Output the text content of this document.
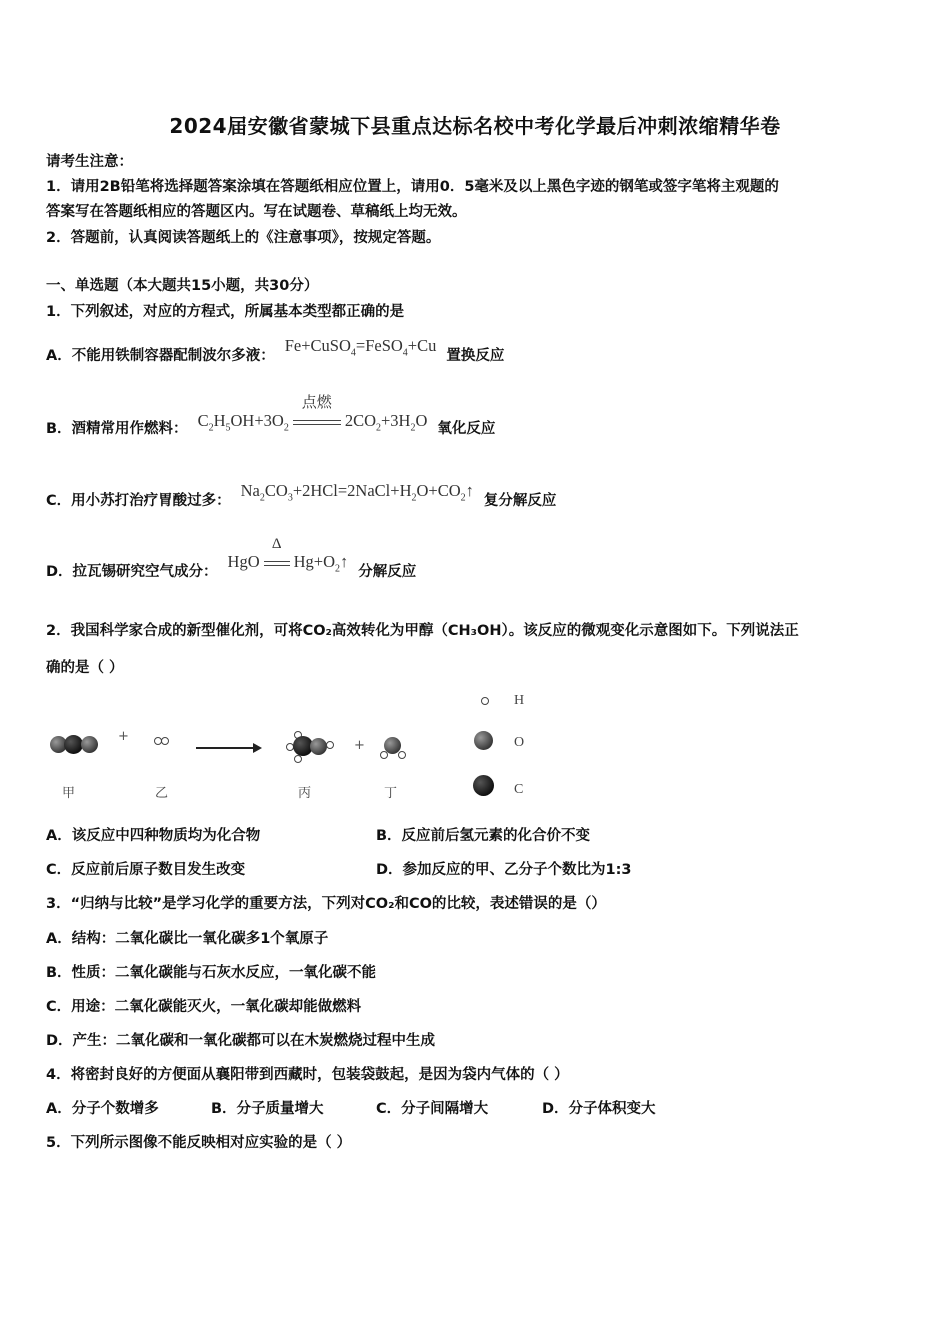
2024届安徽省蒙城下县重点达标名校中考化学最后冲刺浓缩精华卷
请考生注意：
1．请用2B铅笔将选择题答案涂填在答题纸相应位置上，请用0．5毫米及以上黑色字迹的钢笔或签字笔将主观题的
答案写在答题纸相应的答题区内。写在试题卷、草稿纸上均无效。
2．答题前，认真阅读答题纸上的《注意事项》，按规定答题。
一、单选题（本大题共15小题，共30分）
1．下列叙述，对应的方程式，所属基本类型都正确的是
A．不能用铁制容器配制波尔多液：Fe+CuSO$_4$=FeSO$_4$+Cu置换反应
B．酒精常用作燃料： $C_2H_5OH+3O_2$
点燃
$2CO_2+3H_2O$ 氧化反应
C．用小苏打治疗胃酸过多：$Na_2CO_3+2HCl=2NaCl+H_2O+CO_2↑$复分解反应
D．拉瓦锡研究空气成分：HgO
Δ
$Hg+O_2↑$分解反应
2．我国科学家合成的新型催化剂，可将CO₂高效转化为甲醇（CH₃OH）。该反应的微观变化示意图如下。下列说法正
确的是（ ）
+
+
甲	乙	丙	丁
H
O
C
A．该反应中四种物质均为化合物	B．反应前后氢元素的化合价不变
C．反应前后原子数目发生改变	D．参加反应的甲、乙分子个数比为1:3
3．“归纳与比较”是学习化学的重要方法，下列对CO₂和CO的比较，表述错误的是（）
A．结构：二氧化碳比一氧化碳多1个氧原子
B．性质：二氧化碳能与石灰水反应，一氧化碳不能
C．用途：二氧化碳能灭火，一氧化碳却能做燃料
D．产生：二氧化碳和一氧化碳都可以在木炭燃烧过程中生成
4．将密封良好的方便面从襄阳带到西藏时，包装袋鼓起，是因为袋内气体的（ ）
A．分子个数增多	B．分子质量增大	C．分子间隔增大	D．分子体积变大
5．下列所示图像不能反映相对应实验的是（ ）
